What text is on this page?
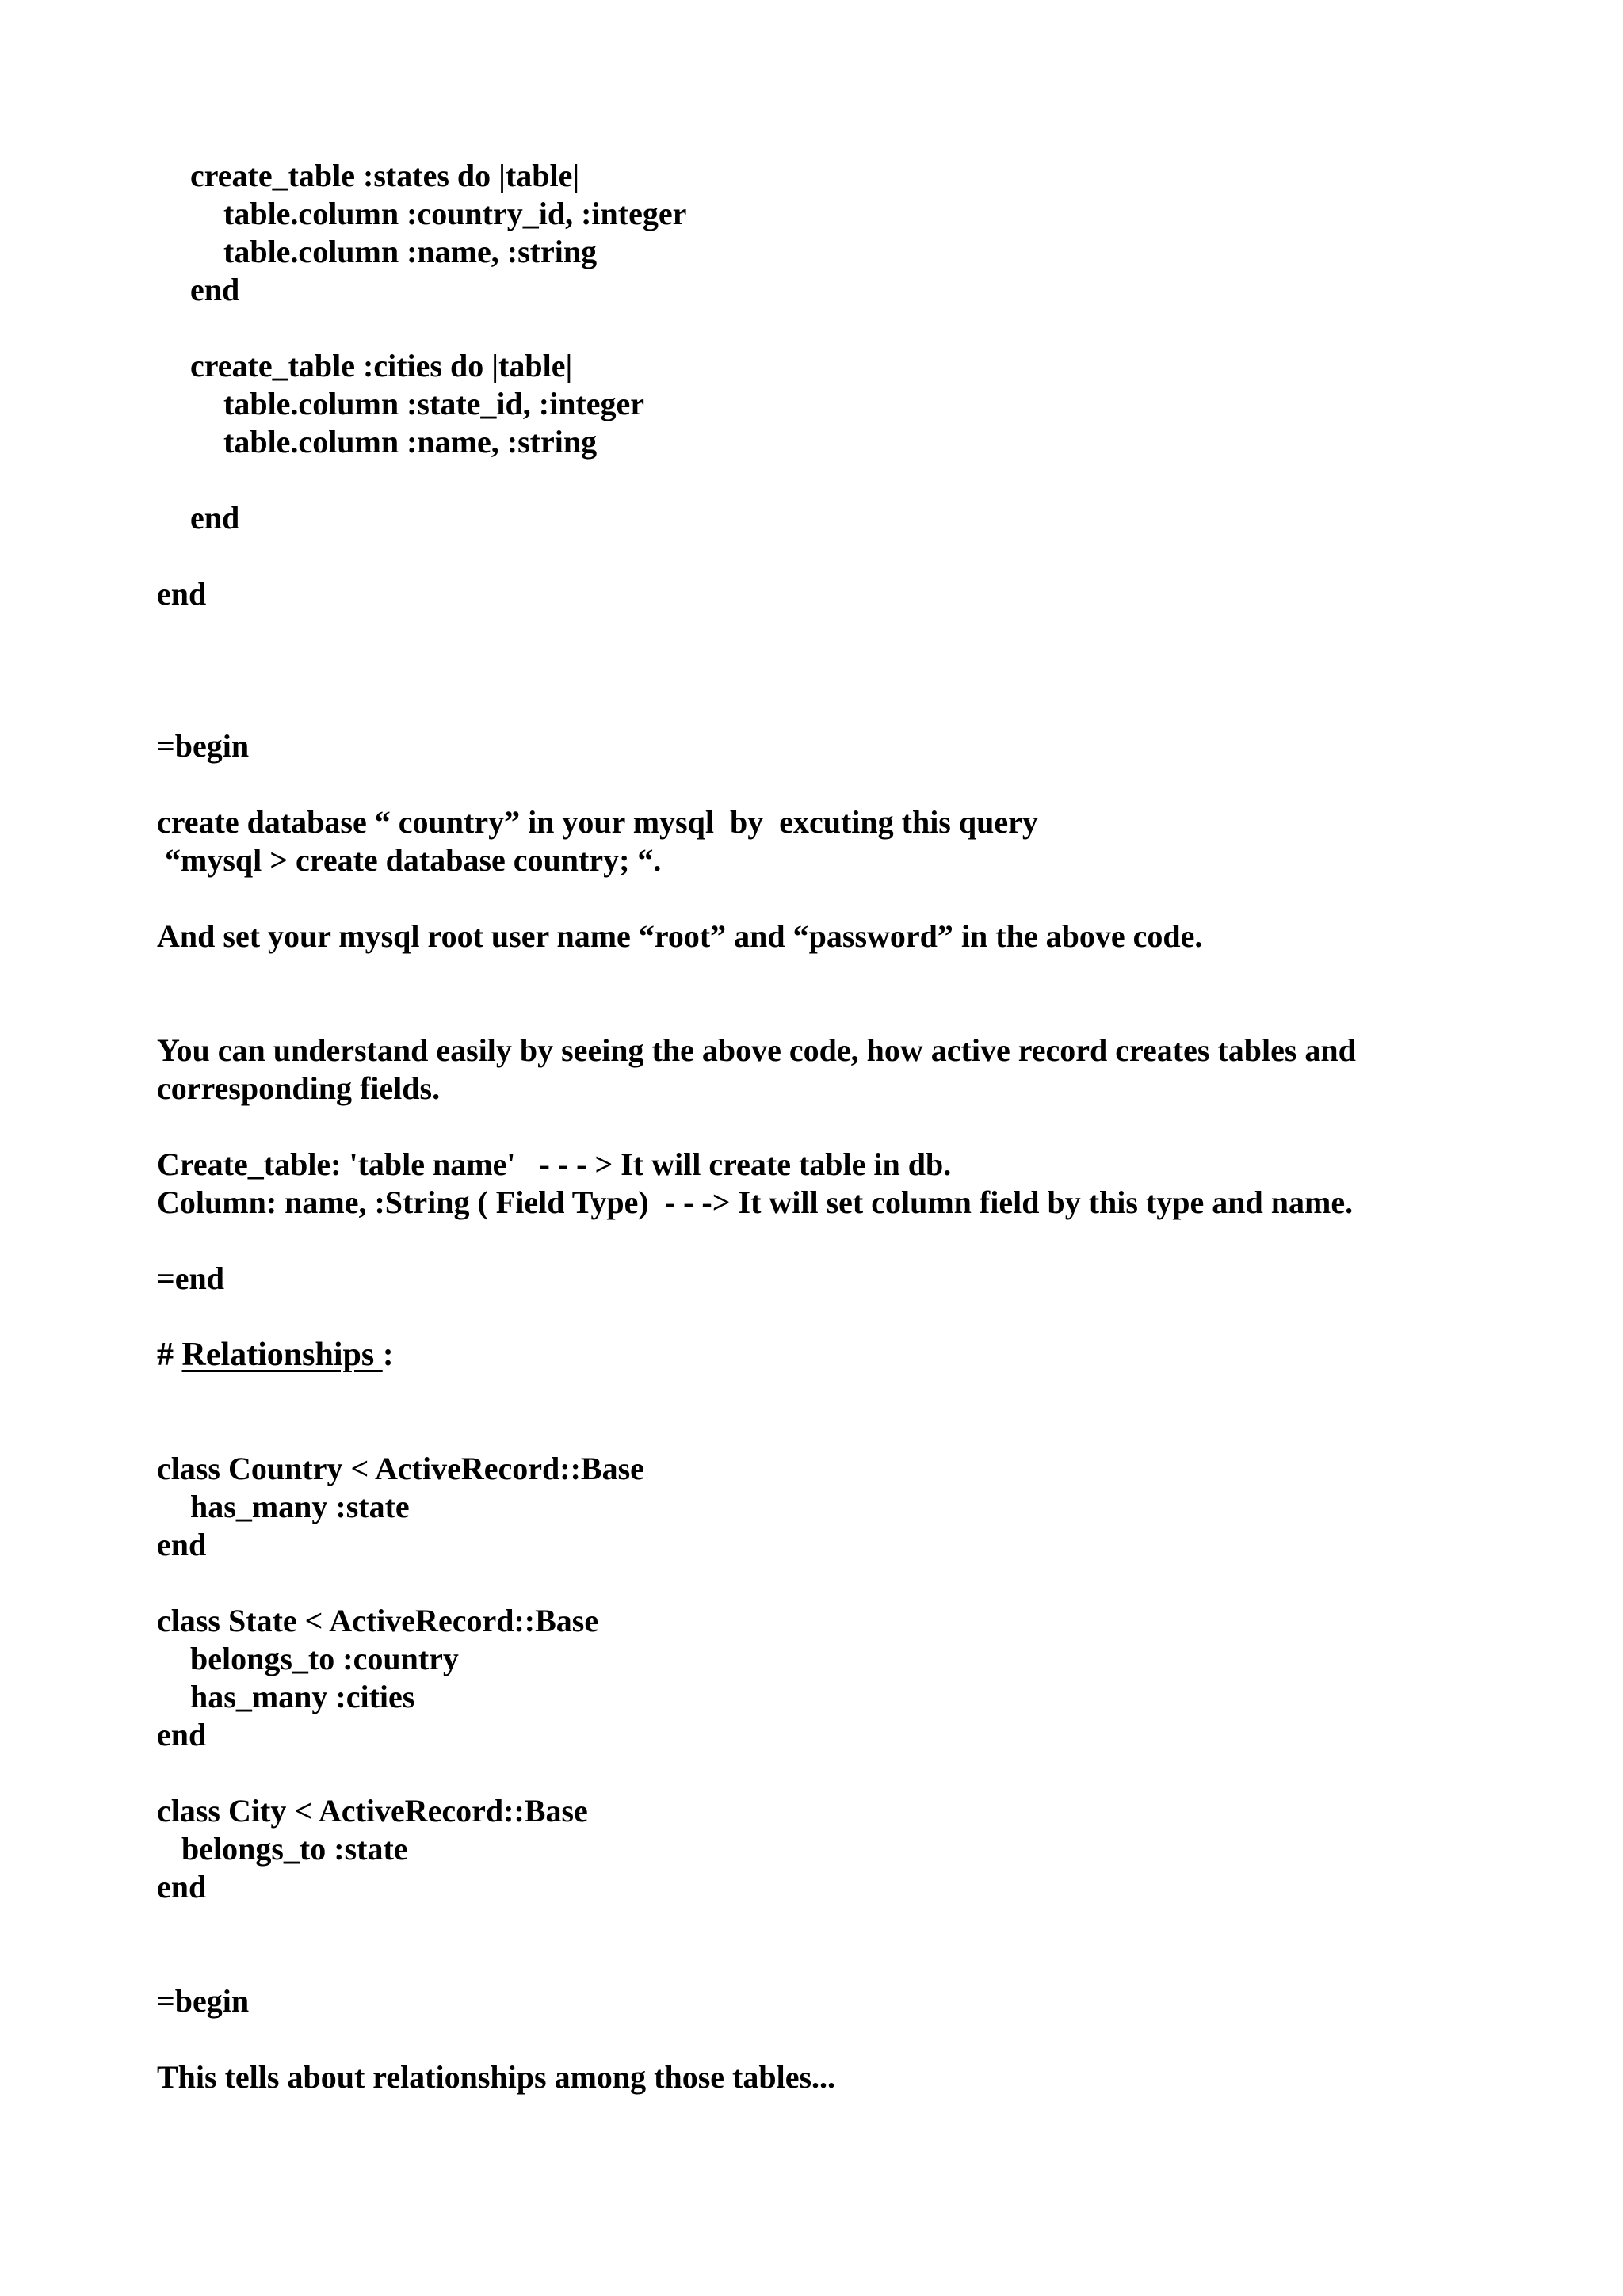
create_table :states do |table|
table.column :country_id, :integer
table.column :name, :string
end
create_table :cities do |table|
table.column :state_id, :integer
table.column :name, :string
end
end
=begin
create database “ country” in your mysql  by  excuting this query
“mysql > create database country; “.
And set your mysql root user name “root” and “password” in the above code.
You can understand easily by seeing the above code, how active record creates tables and
corresponding fields.
Create_table: 'table name'   - - - > It will create table in db.
Column: name, :String ( Field Type)  - - -> It will set column field by this type and name.
=end
# Relationships :
class Country < ActiveRecord::Base
has_many :state
end
class State < ActiveRecord::Base
belongs_to :country
has_many :cities
end
class City < ActiveRecord::Base
belongs_to :state
end
=begin
This tells about relationships among those tables...
